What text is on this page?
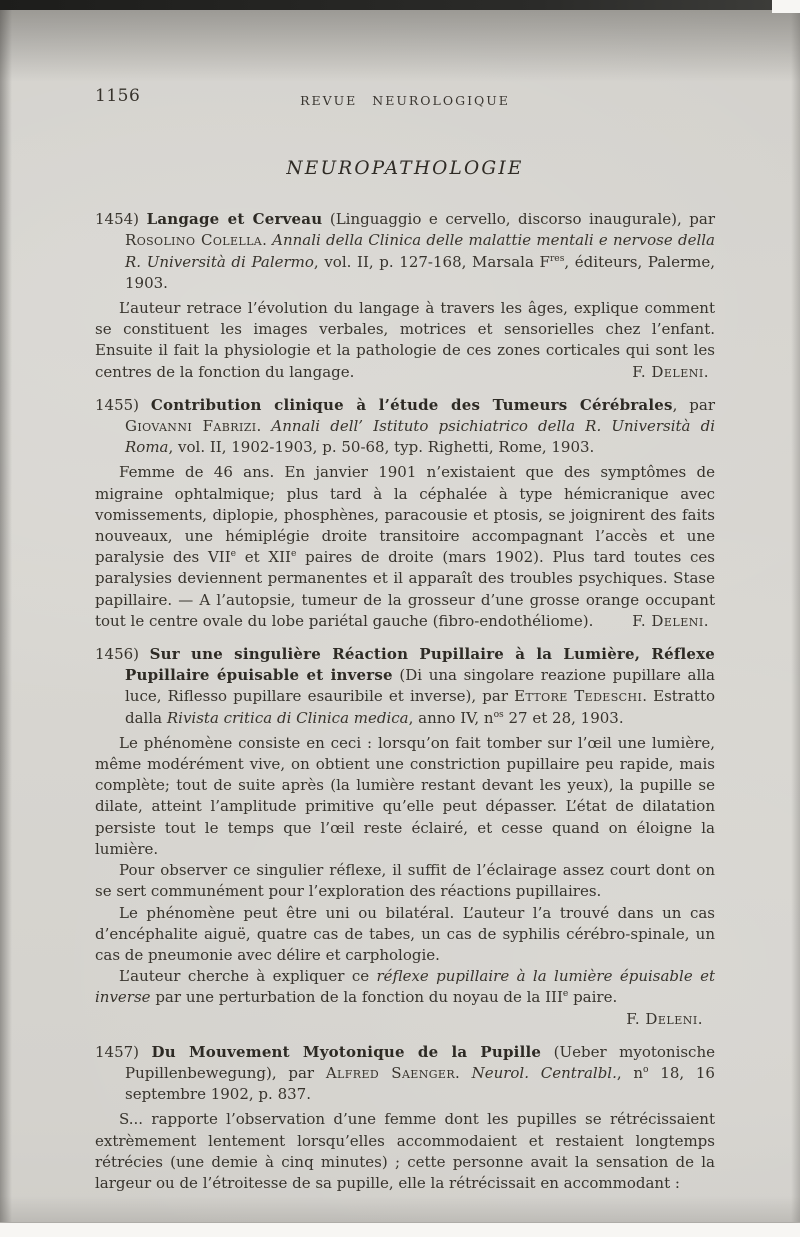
1156	REVUE NEUROLOGIQUE
NEUROPATHOLOGIE

1454) Langage et Cerveau (Linguaggio e cervello, discorso inaugurale), par Rosolino Colella. Annali della Clinica delle malattie mentali e nervose della R. Università di Palermo, vol. II, p. 127-168, Marsala $F^{res}$, éditeurs, Palerme, 1903.

L’auteur retrace l’évolution du langage à travers les âges, explique comment se constituent les images verbales, motrices et sensorielles chez l’enfant. Ensuite il fait la physiologie et la pathologie de ces zones corticales qui sont les centres de la fonction du langage.	F. Deleni.

1455) Contribution clinique à l’étude des Tumeurs Cérébrales, par Giovanni Fabrizi. Annali dell’ Istituto psichiatrico della R. Università di Roma, vol. II, 1902-1903, p. 50-68, typ. Righetti, Rome, 1903.

Femme de 46 ans. En janvier 1901 n’existaient que des symptômes de migraine ophtalmique; plus tard à la céphalée à type hémicranique avec vomissements, diplopie, phosphènes, paracousie et ptosis, se joignirent des faits nouveaux, une hémiplégie droite transitoire accompagnant l’accès et une paralysie des VIIe et XIIe paires de droite (mars 1902). Plus tard toutes ces paralysies deviennent permanentes et il apparaît des troubles psychiques. Stase papillaire. — A l’autopsie, tumeur de la grosseur d’une grosse orange occupant tout le centre ovale du lobe pariétal gauche (fibro-endothéliome).	F. Deleni.

1456) Sur une singulière Réaction Pupillaire à la Lumière, Réflexe Pupillaire épuisable et inverse (Di una singolare reazione pupillare alla luce, Riflesso pupillare esauribile et inverse), par Ettore Tedeschi. Estratto dalla Rivista critica di Clinica medica, anno IV, $n^{os}$ 27 et 28, 1903.

Le phénomène consiste en ceci : lorsqu’on fait tomber sur l’œil une lumière, même modérément vive, on obtient une constriction pupillaire peu rapide, mais complète; tout de suite après (la lumière restant devant les yeux), la pupille se dilate, atteint l’amplitude primitive qu’elle peut dépasser. L’état de dilatation persiste tout le temps que l’œil reste éclairé, et cesse quand on éloigne la lumière.

Pour observer ce singulier réflexe, il suffit de l’éclairage assez court dont on se sert communément pour l’exploration des réactions pupillaires.

Le phénomène peut être uni ou bilatéral. L’auteur l’a trouvé dans un cas d’encéphalite aiguë, quatre cas de tabes, un cas de syphilis cérébro-spinale, un cas de pneumonie avec délire et carphologie.

L’auteur cherche à expliquer ce réflexe pupillaire à la lumière épuisable et inverse par une perturbation de la fonction du noyau de la IIIe paire.

F. Deleni.

1457) Du Mouvement Myotonique de la Pupille (Ueber myotonische Pupillenbewegung), par Alfred Saenger. Neurol. Centralbl., $n^o$ 18, 16 septembre 1902, p. 837.

S... rapporte l’observation d’une femme dont les pupilles se rétrécissaient extrèmement lentement lorsqu’elles accommodaient et restaient longtemps rétrécies (une demie à cinq minutes) ; cette personne avait la sensation de la largeur ou de l’étroitesse de sa pupille, elle la rétrécissait en accommodant :
